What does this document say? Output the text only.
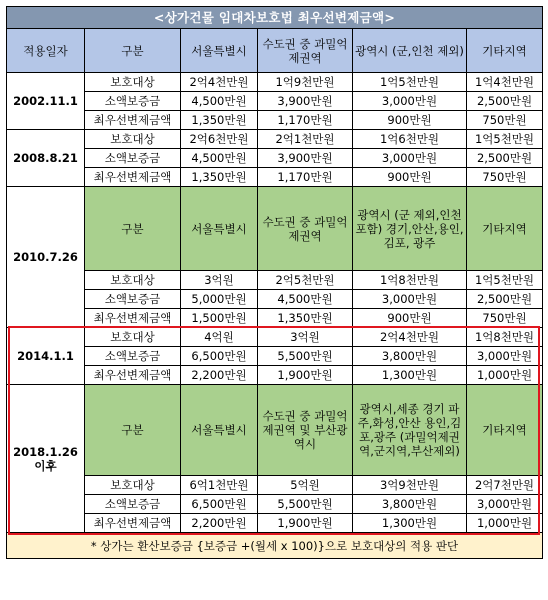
<상가건물 임대차보호법 최우선변제금액>					
적용일자	구분	서울특별시	수도권 중 과밀억제권역	광역시 (군,인천 제외)	기타지역
2002.11.1	보호대상	2억4천만원	1억9천만원	1억5천만원	1억4천만원
	소액보증금	4,500만원	3,900만원	3,000만원	2,500만원
	최우선변제금액	1,350만원	1,170만원	900만원	750만원
2008.8.21	보호대상	2억6천만원	2억1천만원	1억6천만원	1억5천만원
	소액보증금	4,500만원	3,900만원	3,000만원	2,500만원
	최우선변제금액	1,350만원	1,170만원	900만원	750만원
2010.7.26	구분	서울특별시	수도권 중 과밀억제권역	광역시 (군 제외,인천 포함) 경기,안산,용인,김포, 광주	기타지역
	보호대상	3억원	2억5천만원	1억8천만원	1억5천만원
	소액보증금	5,000만원	4,500만원	3,000만원	2,500만원
	최우선변제금액	1,500만원	1,350만원	900만원	750만원
2014.1.1	보호대상	4억원	3억원	2억4천만원	1억8천만원
	소액보증금	6,500만원	5,500만원	3,800만원	3,000만원
	최우선변제금액	2,200만원	1,900만원	1,300만원	1,000만원
2018.1.26 이후	구분	서울특별시	수도권 중 과밀억제권역 및 부산광역시	광역시,세종 경기 파주,화성,안산 용인,김포,광주 (과밀억제권역,군지역,부산제외)	기타지역
	보호대상	6억1천만원	5억원	3억9천만원	2억7천만원
	소액보증금	6,500만원	5,500만원	3,800만원	3,000만원
	최우선변제금액	2,200만원	1,900만원	1,300만원	1,000만원
* 상가는 환산보증금 {보증금 +(월세 x 100)}으로 보호대상의 적용 판단					
